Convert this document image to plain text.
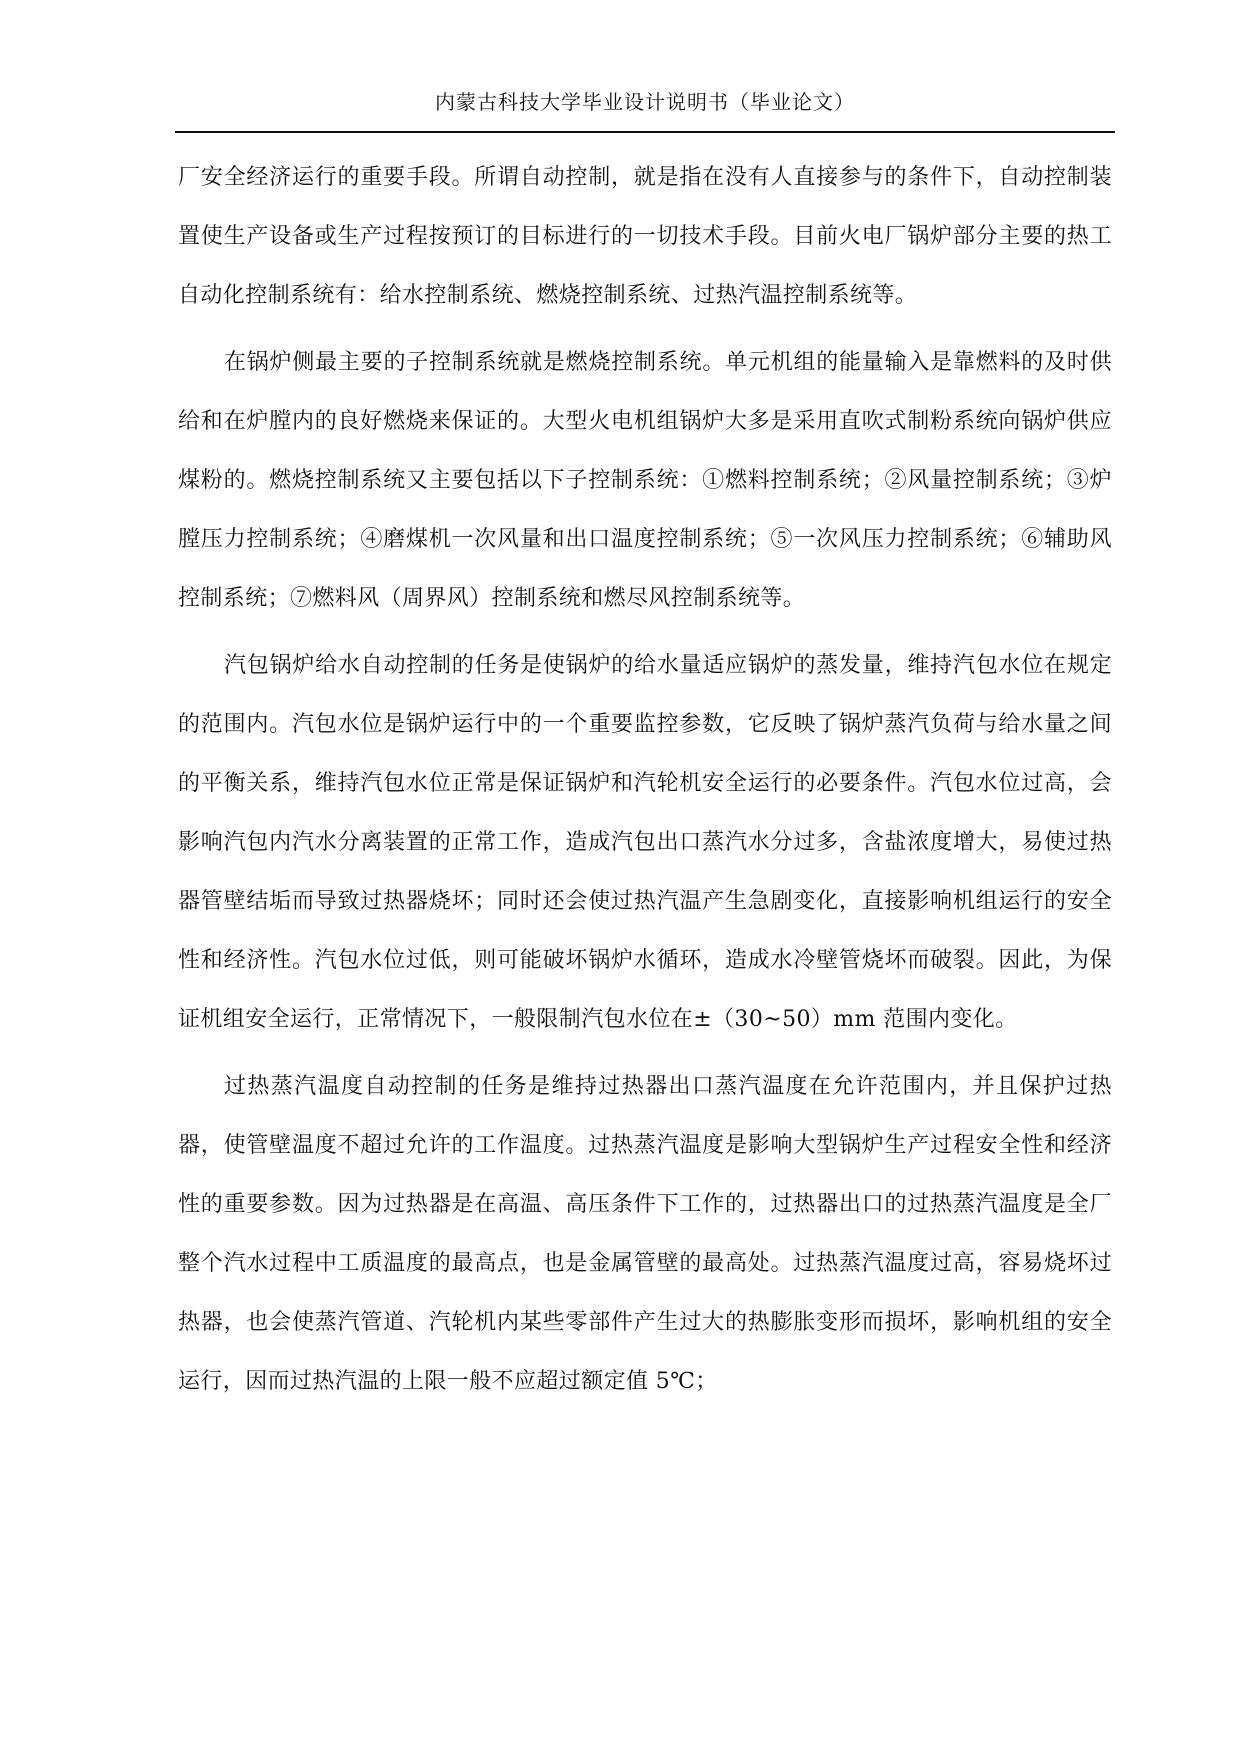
内蒙古科技大学毕业设计说明书（毕业论文）

厂安全经济运行的重要手段。所谓自动控制，就是指在没有人直接参与的条件下，自动控制装置使生产设备或生产过程按预订的目标进行的一切技术手段。目前火电厂锅炉部分主要的热工自动化控制系统有：给水控制系统、燃烧控制系统、过热汽温控制系统等。

在锅炉侧最主要的子控制系统就是燃烧控制系统。单元机组的能量输入是靠燃料的及时供给和在炉膛内的良好燃烧来保证的。大型火电机组锅炉大多是采用直吹式制粉系统向锅炉供应煤粉的。燃烧控制系统又主要包括以下子控制系统：①燃料控制系统；②风量控制系统；③炉膛压力控制系统；④磨煤机一次风量和出口温度控制系统；⑤一次风压力控制系统；⑥辅助风控制系统；⑦燃料风（周界风）控制系统和燃尽风控制系统等。

汽包锅炉给水自动控制的任务是使锅炉的给水量适应锅炉的蒸发量，维持汽包水位在规定的范围内。汽包水位是锅炉运行中的一个重要监控参数，它反映了锅炉蒸汽负荷与给水量之间的平衡关系，维持汽包水位正常是保证锅炉和汽轮机安全运行的必要条件。汽包水位过高，会影响汽包内汽水分离装置的正常工作，造成汽包出口蒸汽水分过多，含盐浓度增大，易使过热器管壁结垢而导致过热器烧坏；同时还会使过热汽温产生急剧变化，直接影响机组运行的安全性和经济性。汽包水位过低，则可能破坏锅炉水循环，造成水冷壁管烧坏而破裂。因此，为保证机组安全运行，正常情况下，一般限制汽包水位在±（30~50）mm 范围内变化。

过热蒸汽温度自动控制的任务是维持过热器出口蒸汽温度在允许范围内，并且保护过热器，使管壁温度不超过允许的工作温度。过热蒸汽温度是影响大型锅炉生产过程安全性和经济性的重要参数。因为过热器是在高温、高压条件下工作的，过热器出口的过热蒸汽温度是全厂整个汽水过程中工质温度的最高点，也是金属管壁的最高处。过热蒸汽温度过高，容易烧坏过热器，也会使蒸汽管道、汽轮机内某些零部件产生过大的热膨胀变形而损坏，影响机组的安全运行，因而过热汽温的上限一般不应超过额定值 5℃；
